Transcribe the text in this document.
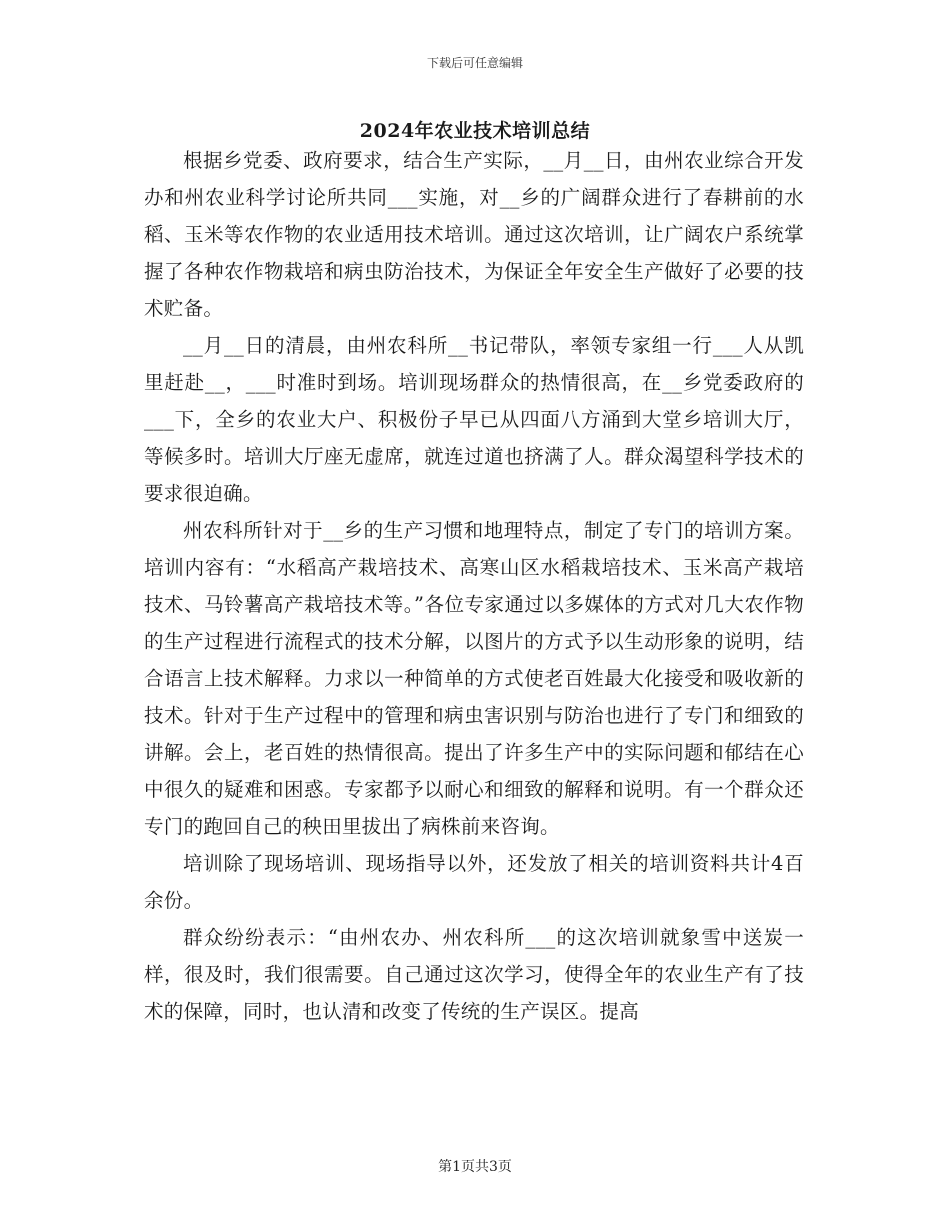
下载后可任意编辑
2024年农业技术培训总结

根据乡党委、政府要求，结合生产实际，__月__日，由州农业综合开发办和州农业科学讨论所共同___实施，对__乡的广阔群众进行了春耕前的水稻、玉米等农作物的农业适用技术培训。通过这次培训，让广阔农户系统掌握了各种农作物栽培和病虫防治技术，为保证全年安全生产做好了必要的技术贮备。

__月__日的清晨，由州农科所__书记带队，率领专家组一行___人从凯里赶赴__，___时准时到场。培训现场群众的热情很高，在__乡党委政府的___下，全乡的农业大户、积极份子早已从四面八方涌到大堂乡培训大厅，等候多时。培训大厅座无虚席，就连过道也挤满了人。群众渴望科学技术的要求很迫确。

州农科所针对于__乡的生产习惯和地理特点，制定了专门的培训方案。培训内容有：“水稻高产栽培技术、高寒山区水稻栽培技术、玉米高产栽培技术、马铃薯高产栽培技术等。”各位专家通过以多媒体的方式对几大农作物的生产过程进行流程式的技术分解，以图片的方式予以生动形象的说明，结合语言上技术解释。力求以一种简单的方式使老百姓最大化接受和吸收新的技术。针对于生产过程中的管理和病虫害识别与防治也进行了专门和细致的讲解。会上，老百姓的热情很高。提出了许多生产中的实际问题和郁结在心中很久的疑难和困惑。专家都予以耐心和细致的解释和说明。有一个群众还专门的跑回自己的秧田里拔出了病株前来咨询。

培训除了现场培训、现场指导以外，还发放了相关的培训资料共计4百余份。

群众纷纷表示：“由州农办、州农科所___的这次培训就象雪中送炭一样，很及时，我们很需要。自己通过这次学习，使得全年的农业生产有了技术的保障，同时，也认清和改变了传统的生产误区。提高

第1页共3页
